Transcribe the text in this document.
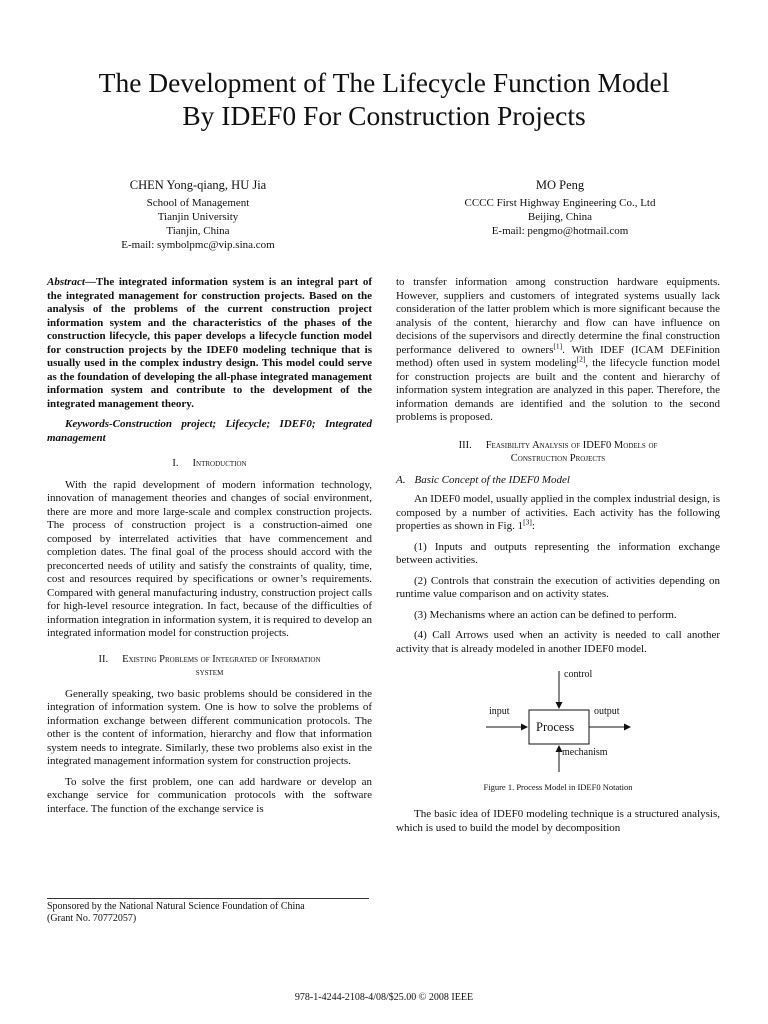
The Development of The Lifecycle Function Model
By IDEF0 For Construction Projects
CHEN Yong-qiang, HU Jia
School of Management
Tianjin University
Tianjin, China
E-mail: symbolpmc@vip.sina.com
MO Peng
CCCC First Highway Engineering Co., Ltd
Beijing, China
E-mail: pengmo@hotmail.com

Abstract—The integrated information system is an integral part of the integrated management for construction projects. Based on the analysis of the problems of the current construction project information system and the characteristics of the phases of the construction lifecycle, this paper develops a lifecycle function model for construction projects by the IDEF0 modeling technique that is usually used in the complex industry design. This model could serve as the foundation of developing the all-phase integrated management information system and contribute to the development of the integrated management theory.

Keywords-Construction project; Lifecycle; IDEF0; Integrated management

I. Introduction

With the rapid development of modern information technology, innovation of management theories and changes of social environment, there are more and more large-scale and complex construction projects. The process of construction project is a construction-aimed one composed by interrelated activities that have commencement and completion dates. The final goal of the process should accord with the preconcerted needs of utility and satisfy the constraints of quality, time, cost and resources required by specifications or owner’s requirements. Compared with general manufacturing industry, construction project calls for high-level resource integration. In fact, because of the difficulties of information integration in information system, it is required to develop an integrated information model for construction projects.

II. Existing Problems of Integrated of Information
system

Generally speaking, two basic problems should be considered in the integration of information system. One is how to solve the problems of information exchange between different communication protocols. The other is the content of information, hierarchy and flow that information system needs to integrate. Similarly, these two problems also exist in the integrated management information system for construction projects.

To solve the first problem, one can add hardware or develop an exchange service for communication protocols with the software interface. The function of the exchange service is

to transfer information among construction hardware equipments. However, suppliers and customers of integrated systems usually lack consideration of the latter problem which is more significant because the analysis of the content, hierarchy and flow can have influence on decisions of the supervisors and directly determine the final construction performance delivered to owners[1]. With IDEF (ICAM DEFinition method) often used in system modeling[2], the lifecycle function model for construction projects are built and the content and hierarchy of information system integration are analyzed in this paper. Therefore, the information demands are identified and the solution to the second problems is proposed.

III. Feasibility Analysis of IDEF0 Models of
Construction Projects
A. Basic Concept of the IDEF0 Model

An IDEF0 model, usually applied in the complex industrial design, is composed by a number of activities. Each activity has the following properties as shown in Fig. 1[3]:

(1) Inputs and outputs representing the information exchange between activities.

(2) Controls that constrain the execution of activities depending on runtime value comparison and on activity states.

(3) Mechanisms where an action can be defined to perform.

(4) Call Arrows used when an activity is needed to call another activity that is already modeled in another IDEF0 model.

Process
control
input	output
mechanism
Figure 1. Process Model in IDEF0 Notation

The basic idea of IDEF0 modeling technique is a structured analysis, which is used to build the model by decomposition

Sponsored by the National Natural Science Foundation of China
(Grant No. 70772057)
978-1-4244-2108-4/08/$25.00 © 2008 IEEE
